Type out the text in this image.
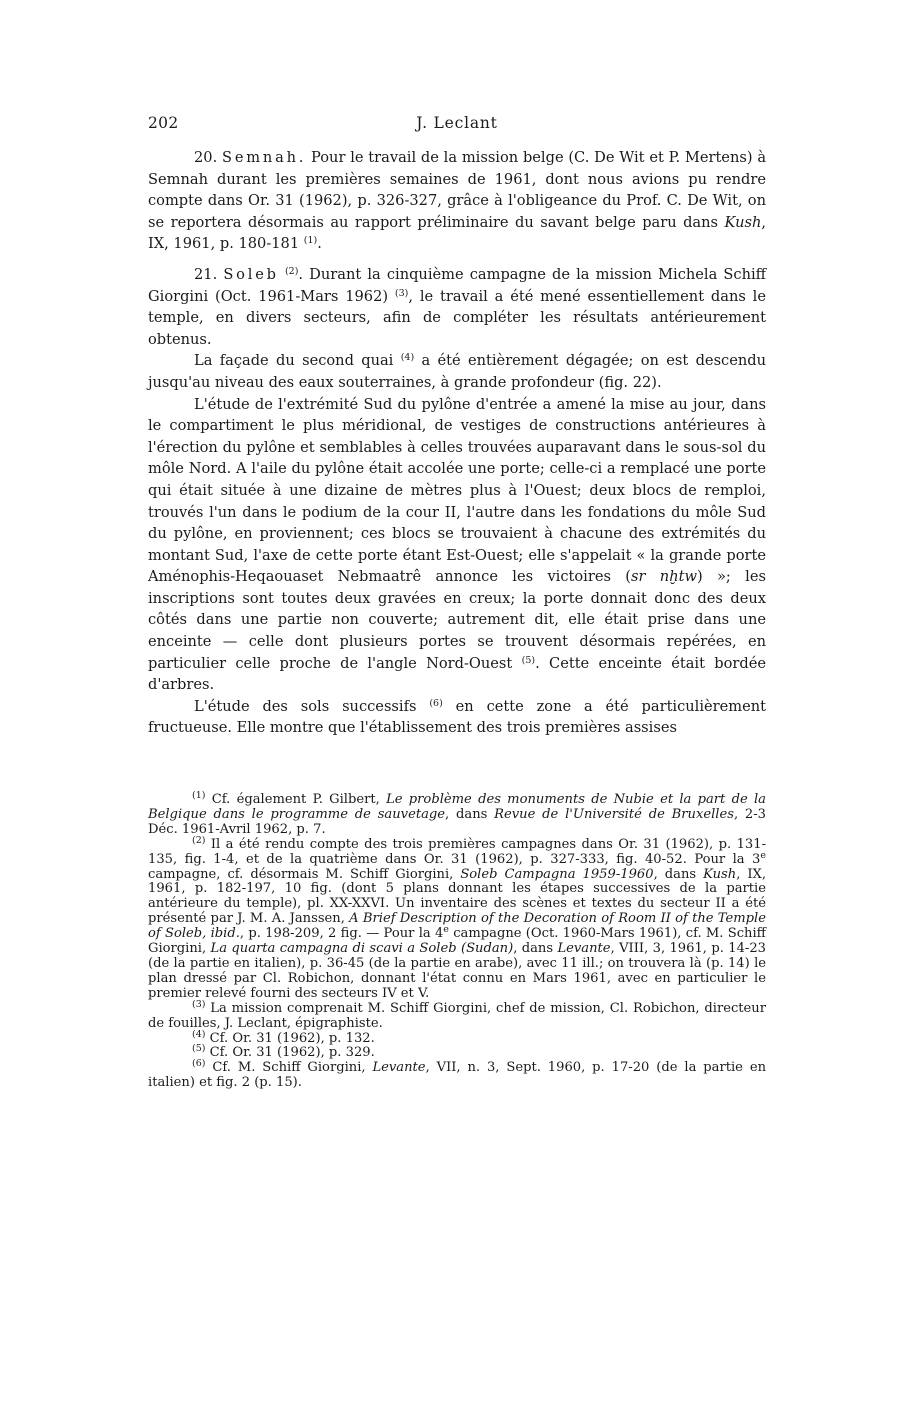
202	J. Leclant

20. Semnah. Pour le travail de la mission belge (C. De Wit et P. Mertens) à Semnah durant les premières semaines de 1961, dont nous avions pu rendre compte dans Or. 31 (1962), p. 326-327, grâce à l'obligeance du Prof. C. De Wit, on se reportera désormais au rapport préliminaire du savant belge paru dans Kush, IX, 1961, p. 180-181 $^{(1)}$.

21. Soleb $^{(2)}$. Durant la cinquième campagne de la mission Michela Schiff Giorgini (Oct. 1961-Mars 1962) $^{(3)}$, le travail a été mené essentiellement dans le temple, en divers secteurs, afin de compléter les résultats antérieurement obtenus.

La façade du second quai $^{(4)}$ a été entièrement dégagée; on est descendu jusqu'au niveau des eaux souterraines, à grande profondeur (fig. 22).

L'étude de l'extrémité Sud du pylône d'entrée a amené la mise au jour, dans le compartiment le plus méridional, de vestiges de constructions antérieures à l'érection du pylône et semblables à celles trouvées auparavant dans le sous-sol du môle Nord. A l'aile du pylône était accolée une porte; celle-ci a remplacé une porte qui était située à une dizaine de mètres plus à l'Ouest; deux blocs de remploi, trouvés l'un dans le podium de la cour II, l'autre dans les fondations du môle Sud du pylône, en proviennent; ces blocs se trouvaient à chacune des extrémités du montant Sud, l'axe de cette porte étant Est-Ouest; elle s'appelait « la grande porte Aménophis-Heqaouaset Nebmaatrê annonce les victoires (sr nḫtw) »; les inscriptions sont toutes deux gravées en creux; la porte donnait donc des deux côtés dans une partie non couverte; autrement dit, elle était prise dans une enceinte — celle dont plusieurs portes se trouvent désormais repérées, en particulier celle proche de l'angle Nord-Ouest $^{(5)}$. Cette enceinte était bordée d'arbres.

L'étude des sols successifs $^{(6)}$ en cette zone a été particulièrement fructueuse. Elle montre que l'établissement des trois premières assises

$^{(1)}$ Cf. également P. Gilbert, Le problème des monuments de Nubie et la part de la Belgique dans le programme de sauvetage, dans Revue de l'Université de Bruxelles, 2-3 Déc. 1961-Avril 1962, p. 7.

$^{(2)}$ Il a été rendu compte des trois premières campagnes dans Or. 31 (1962), p. 131-135, fig. 1-4, et de la quatrième dans Or. 31 (1962), p. 327-333, fig. 40-52. Pour la 3e campagne, cf. désormais M. Schiff Giorgini, Soleb Campagna 1959-1960, dans Kush, IX, 1961, p. 182-197, 10 fig. (dont 5 plans donnant les étapes successives de la partie antérieure du temple), pl. XX-XXVI. Un inventaire des scènes et textes du secteur II a été présenté par J. M. A. Janssen, A Brief Description of the Decoration of Room II of the Temple of Soleb, ibid., p. 198-209, 2 fig. — Pour la 4e campagne (Oct. 1960-Mars 1961), cf. M. Schiff Giorgini, La quarta campagna di scavi a Soleb (Sudan), dans Levante, VIII, 3, 1961, p. 14-23 (de la partie en italien), p. 36-45 (de la partie en arabe), avec 11 ill.; on trouvera là (p. 14) le plan dressé par Cl. Robichon, donnant l'état connu en Mars 1961, avec en particulier le premier relevé fourni des secteurs IV et V.

$^{(3)}$ La mission comprenait M. Schiff Giorgini, chef de mission, Cl. Robichon, directeur de fouilles, J. Leclant, épigraphiste.

$^{(4)}$ Cf. Or. 31 (1962), p. 132.

$^{(5)}$ Cf. Or. 31 (1962), p. 329.

$^{(6)}$ Cf. M. Schiff Giorgini, Levante, VII, n. 3, Sept. 1960, p. 17-20 (de la partie en italien) et fig. 2 (p. 15).
